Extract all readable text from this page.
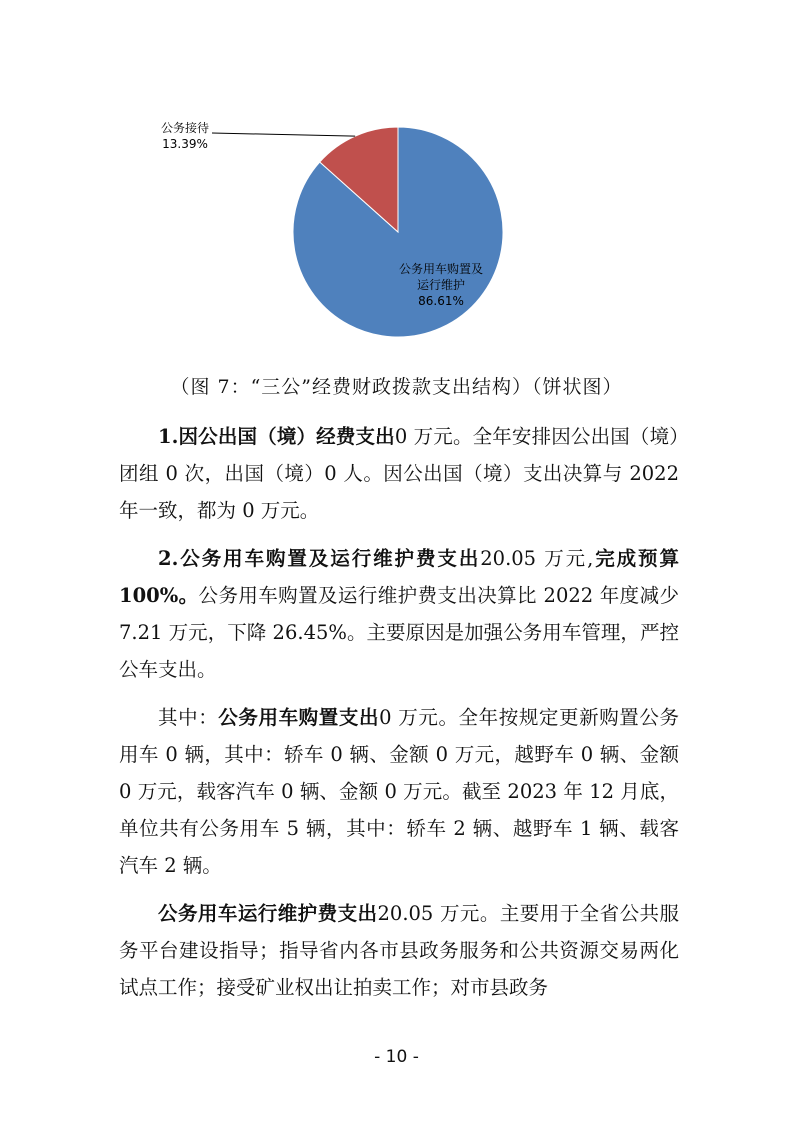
公务接待
13.39%
公务用车购置及
运行维护
86.61%
（图 7：“三公”经费财政拨款支出结构）（饼状图）

1.因公出国（境）经费支出0 万元。全年安排因公出国（境）团组 0 次，出国（境）0 人。因公出国（境）支出决算与 2022 年一致，都为 0 万元。

2.公务用车购置及运行维护费支出20.05 万元,完成预算 100%。公务用车购置及运行维护费支出决算比 2022 年度减少 7.21 万元，下降 26.45%。主要原因是加强公务用车管理，严控公车支出。

其中：公务用车购置支出0 万元。全年按规定更新购置公务用车 0 辆，其中：轿车 0 辆、金额 0 万元，越野车 0 辆、金额 0 万元，载客汽车 0 辆、金额 0 万元。截至 2023 年 12 月底，单位共有公务用车 5 辆，其中：轿车 2 辆、越野车 1 辆、载客汽车 2 辆。

公务用车运行维护费支出20.05 万元。主要用于全省公共服务平台建设指导；指导省内各市县政务服务和公共资源交易两化试点工作；接受矿业权出让拍卖工作；对市县政务

- 10 -
